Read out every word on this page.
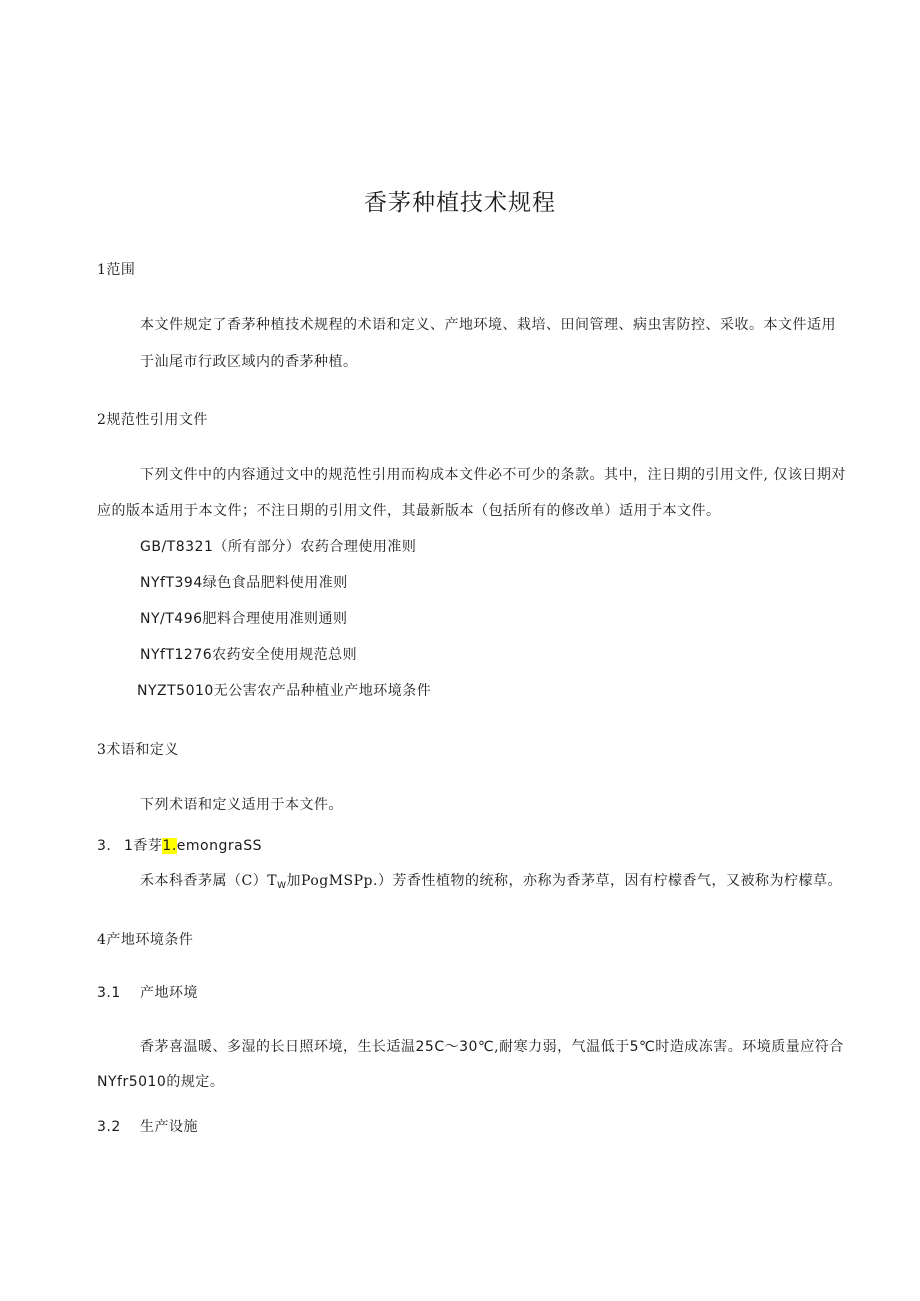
香茅种植技术规程
1范围
本文件规定了香茅种植技术规程的术语和定义、产地环境、栽培、田间管理、病虫害防控、采收。本文件适用
于汕尾市行政区域内的香茅种植。
2规范性引用文件
下列文件中的内容通过文中的规范性引用而构成本文件必不可少的条款。其中，注日期的引用文件, 仅该日期对
应的版本适用于本文件；不注日期的引用文件，其最新版本（包括所有的修改单）适用于本文件。
GB/T8321（所有部分）农药合理使用准则
NYfT394绿色食品肥料使用准则
NY/T496肥料合理使用准则通则
NYfT1276农药安全使用规范总则
NYZT5010无公害农产品种植业产地环境条件
3术语和定义
下列术语和定义适用于本文件。
3. 1香芽1.emongraSS
禾本科香茅属$(C)T_W$加PogMSPp.）芳香性植物的统称，亦称为香茅草，因有柠檬香气，又被称为柠檬草。
4产地环境条件
3.1 产地环境
香茅喜温暖、多湿的长日照环境，生长适温25C～30℃,耐寒力弱，气温低于5℃时造成冻害。环境质量应符合
NYfr5010的规定。
3.2 生产设施
